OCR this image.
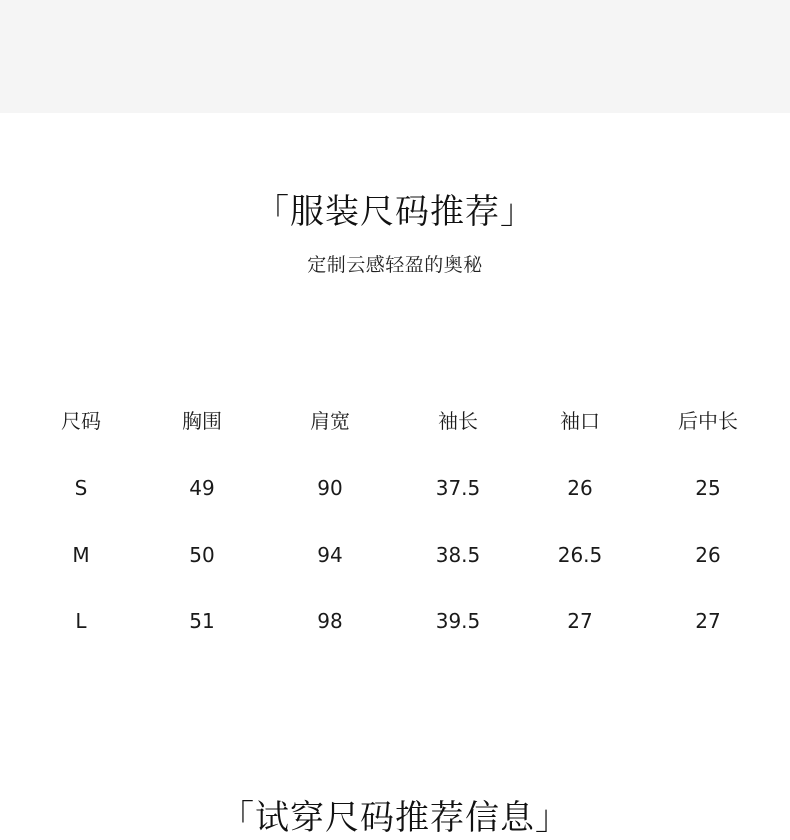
「服装尺码推荐」
定制云感轻盈的奥秘
尺码	胸围	肩宽	袖长	袖口	后中长
S	49	90	37.5	26	25
M	50	94	38.5	26.5	26
L	51	98	39.5	27	27
「试穿尺码推荐信息」
